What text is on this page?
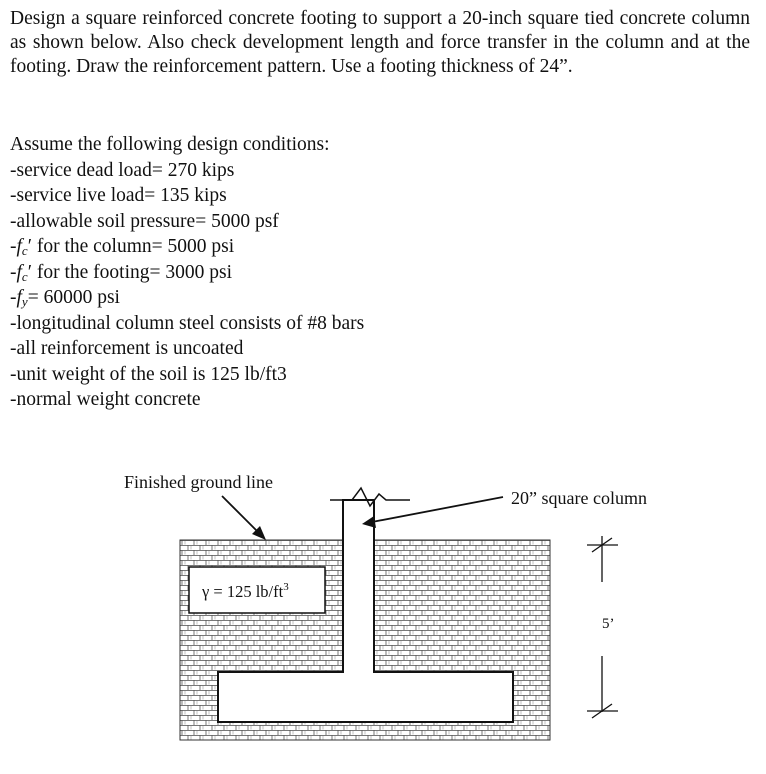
Design a square reinforced concrete footing to support a 20-inch square tied concrete column as shown below. Also check development length and force transfer in the column and at the footing. Draw the reinforcement pattern. Use a footing thickness of 24”.

Assume the following design conditions:
-service dead load= 270 kips
-service live load= 135 kips
-allowable soil pressure= 5000 psf
$-f_c'$ for the column= 5000 psi
$-f_c'$ for the footing= 3000 psi
$-f_y= 60000$ psi
-longitudinal column steel consists of #8 bars
-all reinforcement is uncoated
-unit weight of the soil is 125 lb/ft3
-normal weight concrete
γ = 125 $lb/ft^3$
Finished ground line
20” square column
5’
